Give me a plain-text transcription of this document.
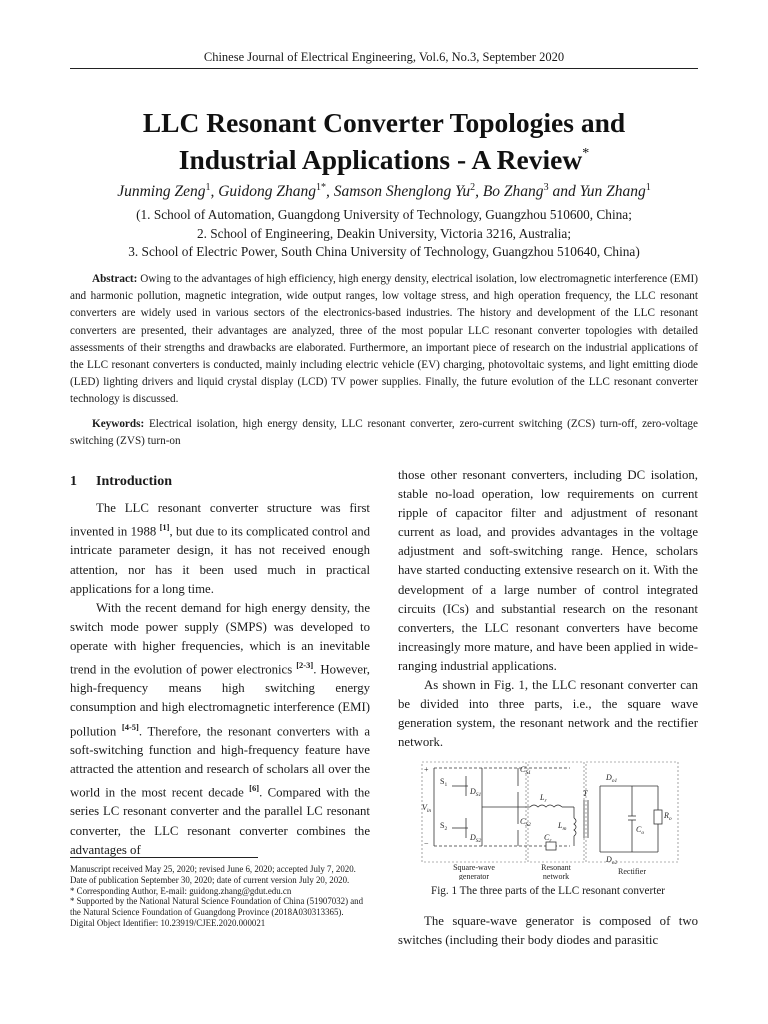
Chinese Journal of Electrical Engineering, Vol.6, No.3, September 2020
LLC Resonant Converter Topologies and
Industrial Applications - A Review*
Junming Zeng$^1$, Guidong Zhang$^{1*}$, Samson Shenglong Yu$^2$, Bo Zhang$^3$ and Yun Zhang$^1$
(1. School of Automation, Guangdong University of Technology, Guangzhou 510600, China;
2. School of Engineering, Deakin University, Victoria 3216, Australia;
3. School of Electric Power, South China University of Technology, Guangzhou 510640, China)
Abstract: Owing to the advantages of high efficiency, high energy density, electrical isolation, low electromagnetic interference (EMI) and harmonic pollution, magnetic integration, wide output ranges, low voltage stress, and high operation frequency, the LLC resonant converters are widely used in various sectors of the electronics-based industries. The history and development of the LLC resonant converters are presented, their advantages are analyzed, three of the most popular LLC resonant converter topologies with detailed assessments of their strengths and drawbacks are elaborated. Furthermore, an important piece of research on the industrial applications of the LLC resonant converters is conducted, mainly including electric vehicle (EV) charging, photovoltaic systems, and light emitting diode (LED) lighting drivers and liquid crystal display (LCD) TV power supplies. Finally, the future evolution of the LLC resonant converter technology is discussed.
Keywords: Electrical isolation, high energy density, LLC resonant converter, zero-current switching (ZCS) turn-off, zero-voltage switching (ZVS) turn-on
1 Introduction

The LLC resonant converter structure was first invented in 1988 [1], but due to its complicated control and intricate parameter design, it has not received enough attention, nor has it been used much in practical applications for a long time.

With the recent demand for high energy density, the switch mode power supply (SMPS) was developed to operate with higher frequencies, which is an inevitable trend in the evolution of power electronics [2-3]. However, high-frequency means high switching energy consumption and high electromagnetic interference (EMI) pollution [4-5]. Therefore, the resonant converters with a soft-switching function and high-frequency feature have attracted the attention and research of scholars all over the world in the most recent decade [6]. Compared with the series LC resonant converter and the parallel LC resonant converter, the LLC resonant converter combines the advantages of

those other resonant converters, including DC isolation, stable no-load operation, low requirements on current ripple of capacitor filter and adjustment of resonant current as load, and provides advantages in the voltage adjustment and soft-switching range. Hence, scholars have started conducting extensive research on it. With the development of a large number of control integrated circuits (ICs) and substantial research on the resonant converters, the LLC resonant converters have become increasingly more mature, and have been applied in wide-ranging industrial applications.

As shown in Fig. 1, the LLC resonant converter can be divided into three parts, i.e., the square wave generation system, the resonant network and the rectifier network.

+
−
$V_{in}$
$S_1$
$S_2$
$D_{S1}$
$D_{S2}$
$C_{S1}$
$C_{S2}$
$L_r$
$L_m$
$C_r$
T
$D_{o1}$
$D_{o2}$
$C_o$
$R_o$
Square-wave
generator
Resonant
network
Rectifier
Fig. 1 The three parts of the LLC resonant converter

The square-wave generator is composed of two switches (including their body diodes and parasitic

Manuscript received May 25, 2020; revised June 6, 2020; accepted July 7, 2020. Date of publication September 30, 2020; date of current version July 20, 2020.

* Corresponding Author, E-mail: guidong.zhang@gdut.edu.cn

* Supported by the National Natural Science Foundation of China (51907032) and the Natural Science Foundation of Guangdong Province (2018A030313365).

Digital Object Identifier: 10.23919/CJEE.2020.000021
